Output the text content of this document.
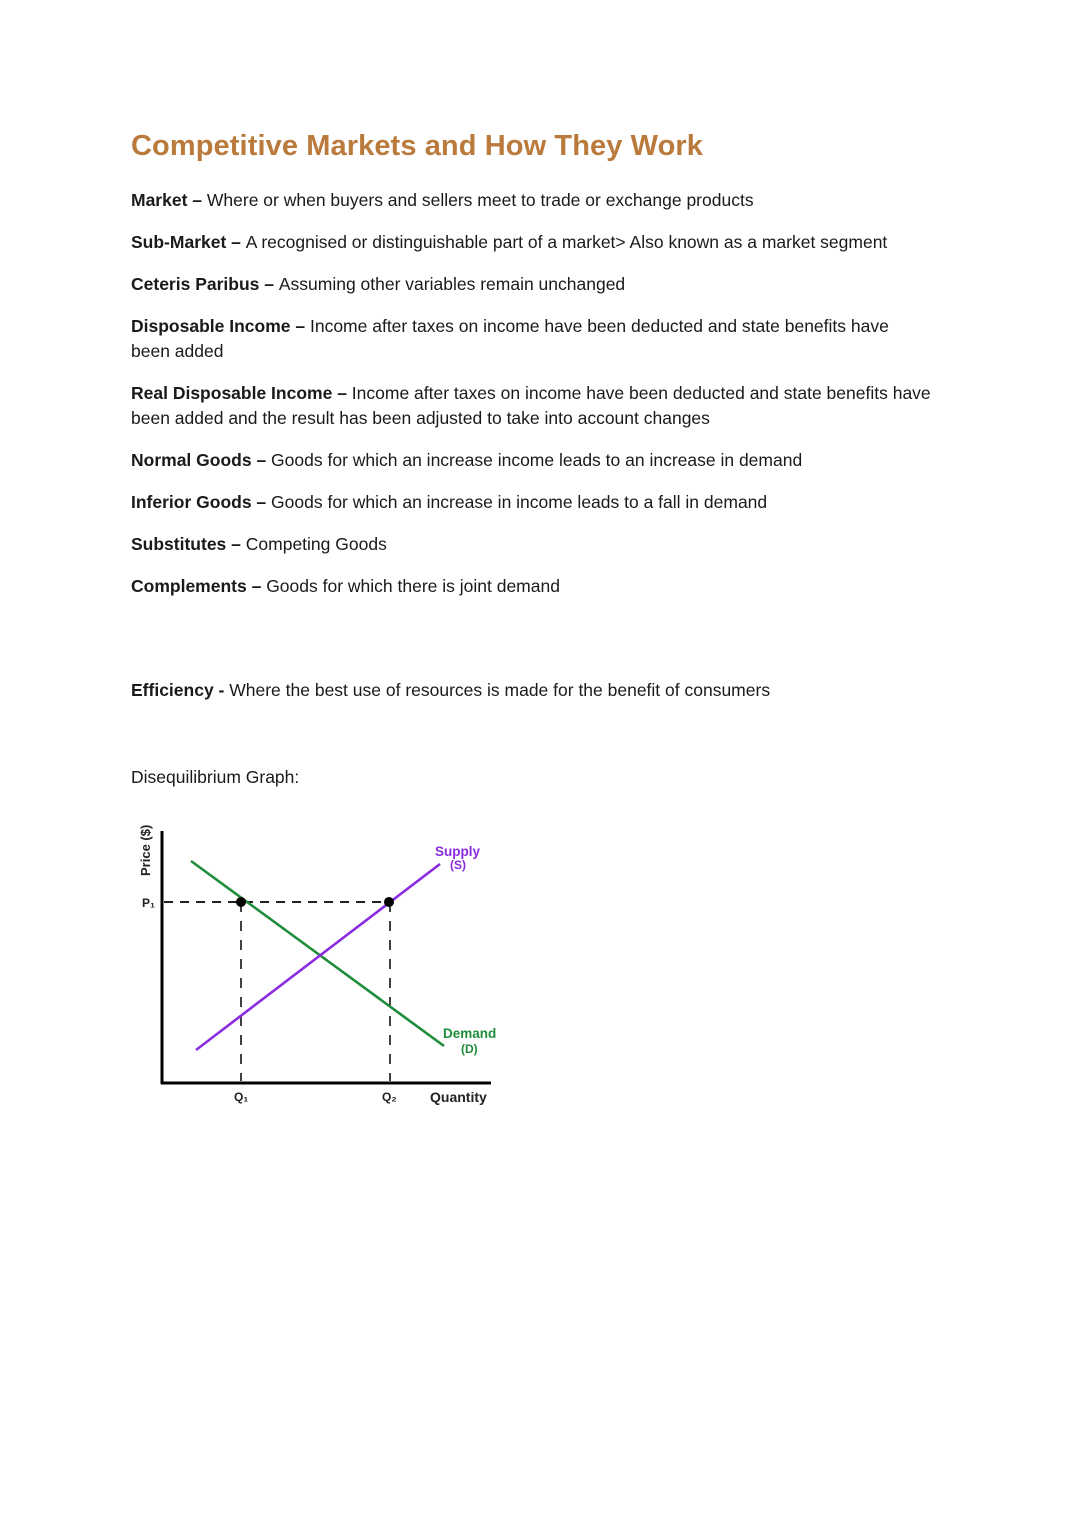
Competitive Markets and How They Work

Market – Where or when buyers and sellers meet to trade or exchange products

Sub-Market – A recognised or distinguishable part of a market> Also known as a market segment

Ceteris Paribus – Assuming other variables remain unchanged

Disposable Income – Income after taxes on income have been deducted and state benefits have been added

Real Disposable Income – Income after taxes on income have been deducted and state benefits have been added and the result has been adjusted to take into account changes

Normal Goods – Goods for which an increase income leads to an increase in demand

Inferior Goods – Goods for which an increase in income leads to a fall in demand

Substitutes – Competing Goods

Complements – Goods for which there is joint demand

Efficiency - Where the best use of resources is made for the benefit of consumers

Disequilibrium Graph:

Price ($)
P₁
Q₁	Q₂ Quantity
Supply
(S)
Demand
(D)
